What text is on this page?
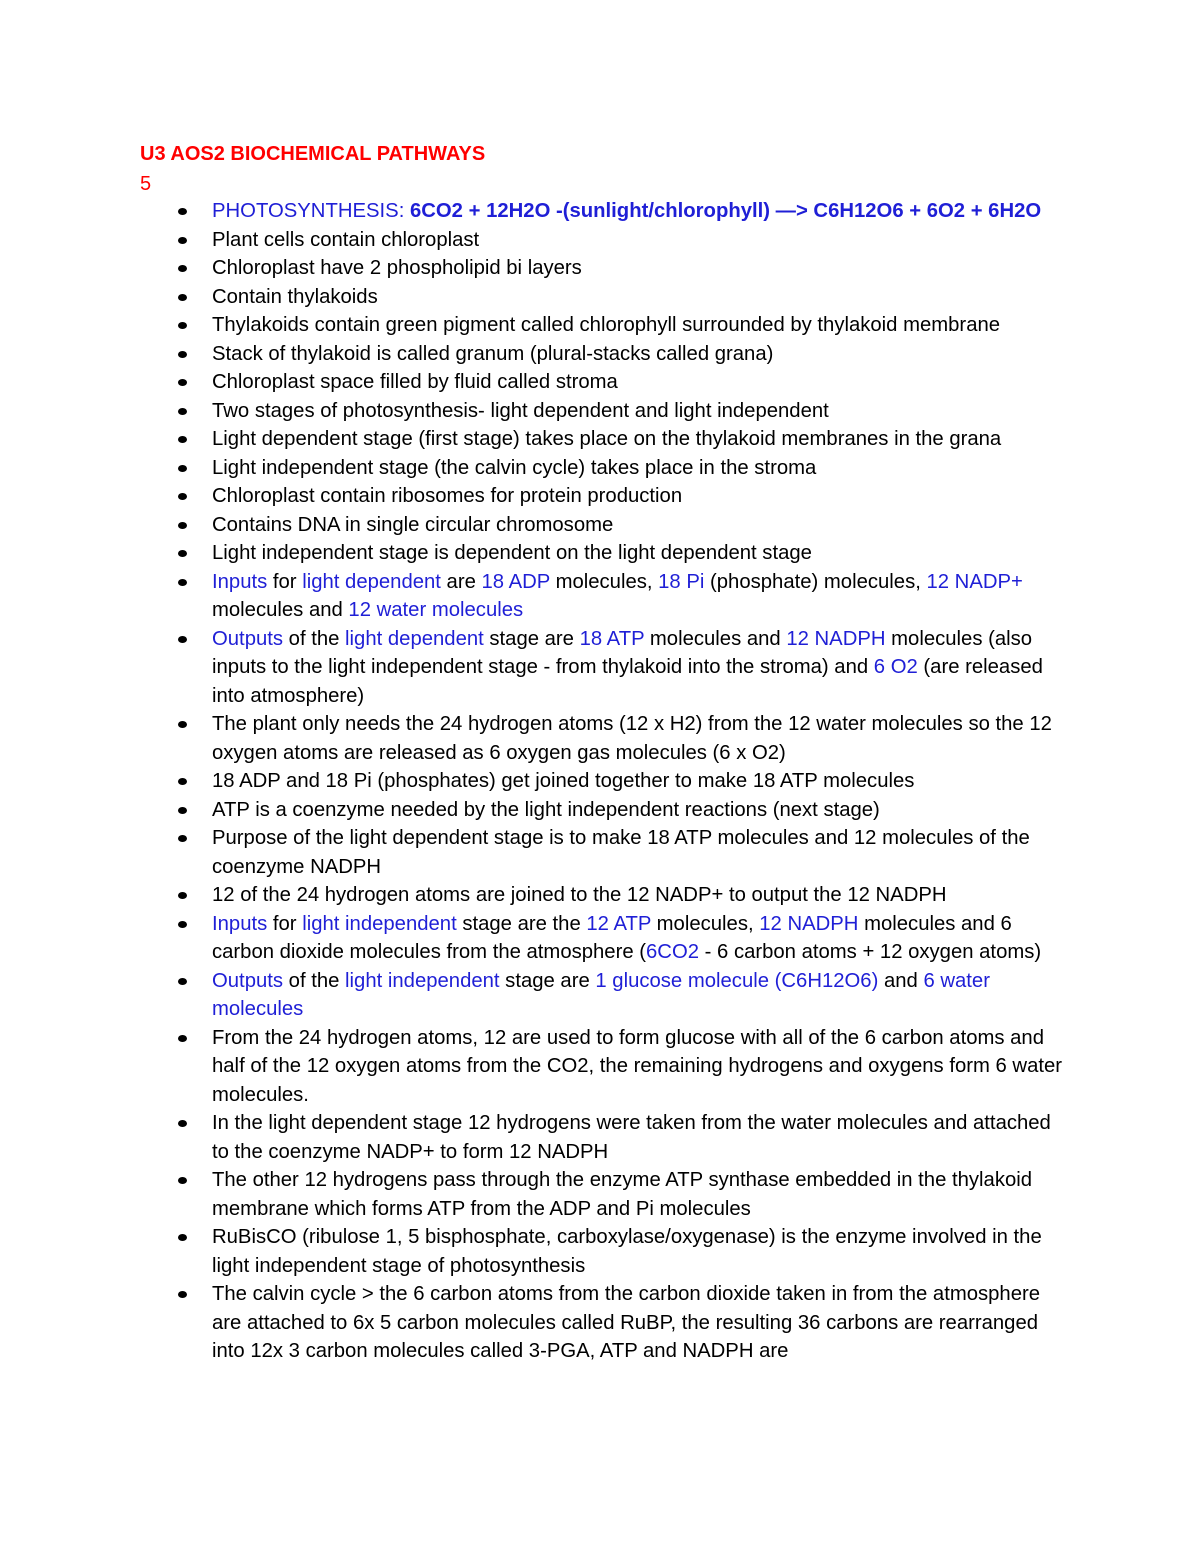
U3 AOS2 BIOCHEMICAL PATHWAYS
5
PHOTOSYNTHESIS: 6CO2 + 12H2O -(sunlight/chlorophyll) —> C6H12O6 + 6O2 + 6H2O
Plant cells contain chloroplast
Chloroplast have 2 phospholipid bi layers
Contain thylakoids
Thylakoids contain green pigment called chlorophyll surrounded by thylakoid membrane
Stack of thylakoid is called granum (plural-stacks called grana)
Chloroplast space filled by fluid called stroma
Two stages of photosynthesis- light dependent and light independent
Light dependent stage (first stage) takes place on the thylakoid membranes in the grana
Light independent stage (the calvin cycle) takes place in the stroma
Chloroplast contain ribosomes for protein production
Contains DNA in single circular chromosome
Light independent stage is dependent on the light dependent stage
Inputs for light dependent are 18 ADP molecules, 18 Pi (phosphate) molecules, 12 NADP+ molecules and 12 water molecules
Outputs of the light dependent stage are 18 ATP molecules and 12 NADPH molecules (also inputs to the light independent stage - from thylakoid into the stroma) and 6 O2 (are released into atmosphere)
The plant only needs the 24 hydrogen atoms (12 x H2) from the 12 water molecules so the 12 oxygen atoms are released as 6 oxygen gas molecules (6 x O2)
18 ADP and 18 Pi (phosphates) get joined together to make 18 ATP molecules
ATP is a coenzyme needed by the light independent reactions (next stage)
Purpose of the light dependent stage is to make 18 ATP molecules and 12 molecules of the coenzyme NADPH
12 of the 24 hydrogen atoms are joined to the 12 NADP+ to output the 12 NADPH
Inputs for light independent stage are the 12 ATP molecules, 12 NADPH molecules and 6 carbon dioxide molecules from the atmosphere (6CO2 - 6 carbon atoms + 12 oxygen atoms)
Outputs of the light independent stage are 1 glucose molecule (C6H12O6) and 6 water molecules
From the 24 hydrogen atoms, 12 are used to form glucose with all of the 6 carbon atoms and half of the 12 oxygen atoms from the CO2, the remaining hydrogens and oxygens form 6 water molecules.
In the light dependent stage 12 hydrogens were taken from the water molecules and attached to the coenzyme NADP+ to form 12 NADPH
The other 12 hydrogens pass through the enzyme ATP synthase embedded in the thylakoid membrane which forms ATP from the ADP and Pi molecules
RuBisCO (ribulose 1, 5 bisphosphate, carboxylase/oxygenase) is the enzyme involved in the light independent stage of photosynthesis
The calvin cycle > the 6 carbon atoms from the carbon dioxide taken in from the atmosphere are attached to 6x 5 carbon molecules called RuBP, the resulting 36 carbons are rearranged into 12x 3 carbon molecules called 3-PGA, ATP and NADPH are
